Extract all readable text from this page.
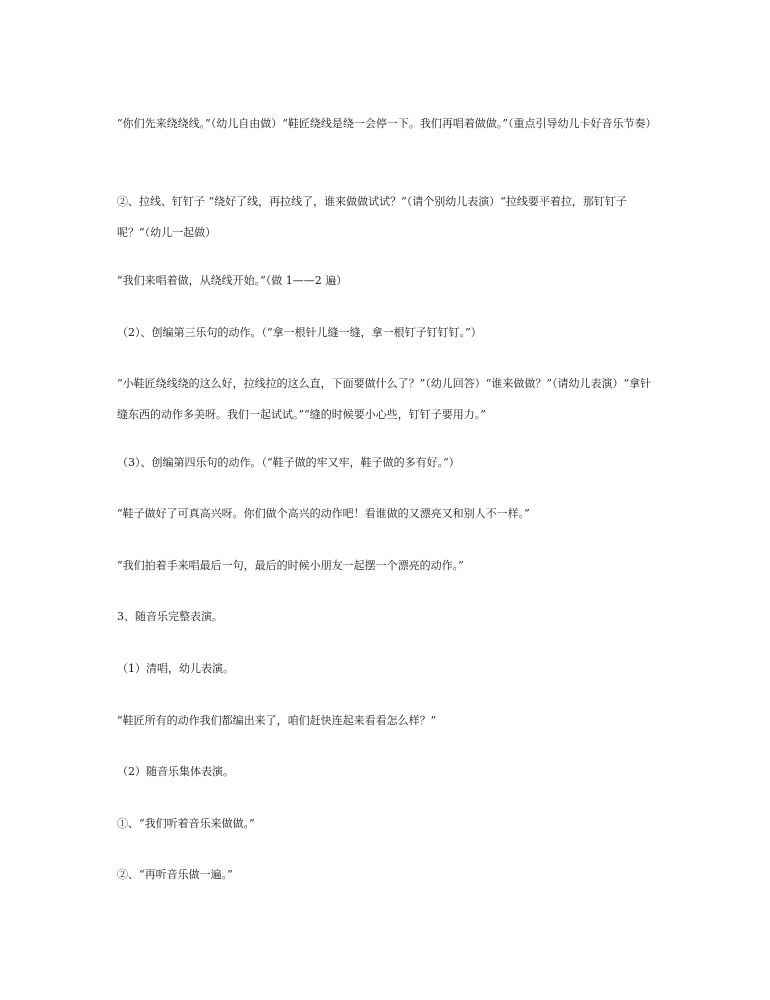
“你们先来绕绕线。”（幼儿自由做）“鞋匠绕线是绕一会停一下。我们再唱着做做。”（重点引导幼儿卡好音乐节奏）

②、拉线、钉钉子 “绕好了线，再拉线了，谁来做做试试？”（请个别幼儿表演）“拉线要平着拉，那钉钉子呢？”（幼儿一起做）

“我们来唱着做，从绕线开始。”（做 1——2 遍）

（2）、创编第三乐句的动作。（“拿一根针儿缝一缝，拿一根钉子钉钉钉。”）

“小鞋匠绕线绕的这么好，拉线拉的这么直，下面要做什么了？”（幼儿回答）“谁来做做？”（请幼儿表演）“拿针缝东西的动作多美呀。我们一起试试。”“缝的时候要小心些，钉钉子要用力。”

（3）、创编第四乐句的动作。（“鞋子做的牢又牢，鞋子做的多有好。”）

“鞋子做好了可真高兴呀。你们做个高兴的动作吧！看谁做的又漂亮又和别人不一样。”

“我们拍着手来唱最后一句，最后的时候小朋友一起摆一个漂亮的动作。”

3、随音乐完整表演。

（1）清唱，幼儿表演。

“鞋匠所有的动作我们都编出来了，咱们赶快连起来看看怎么样？”

（2）随音乐集体表演。

①、“我们听着音乐来做做。”

②、“再听音乐做一遍。”
